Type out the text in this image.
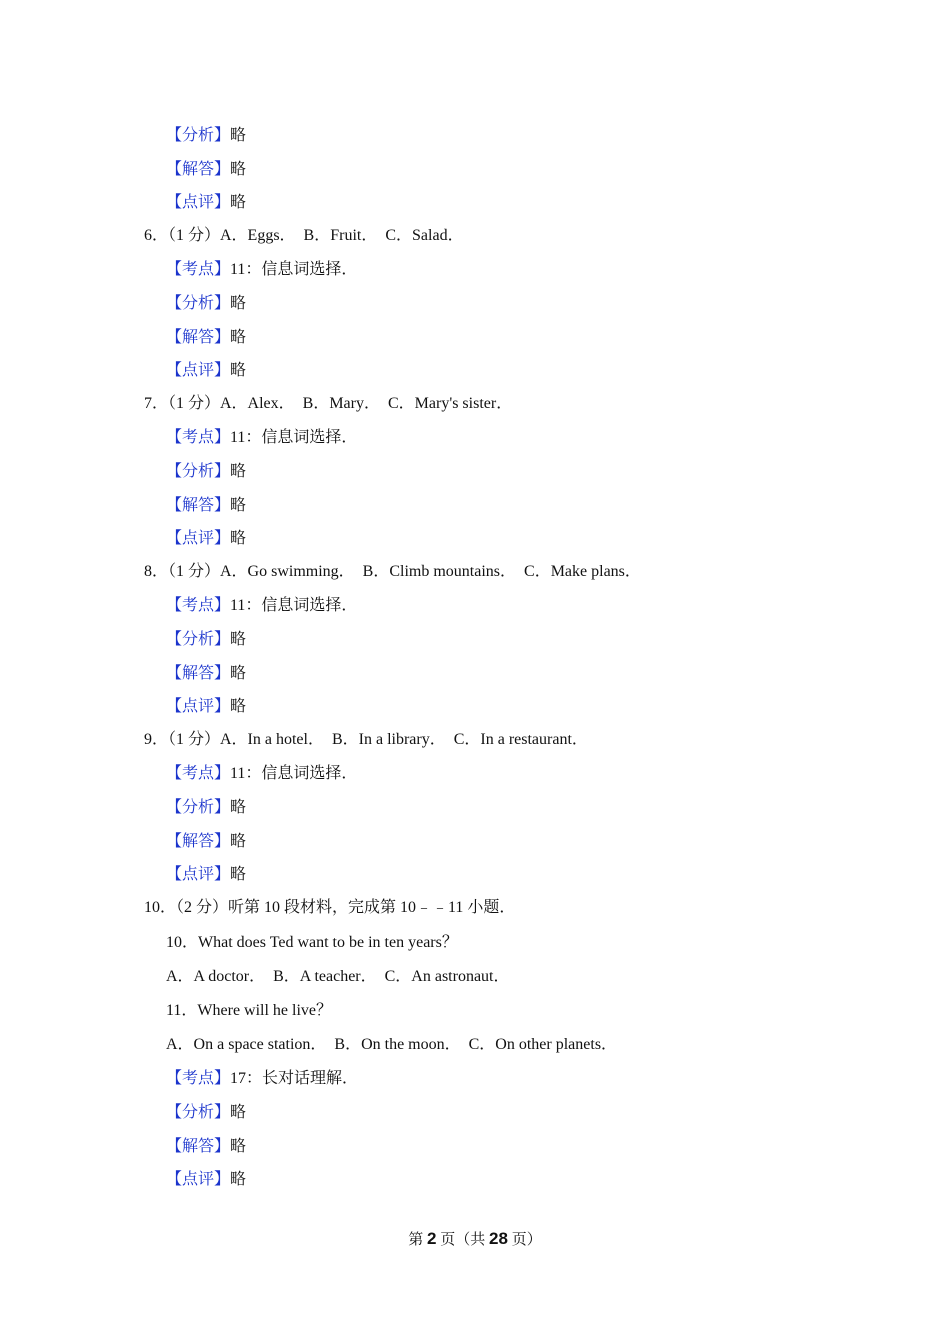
【分析】略
【解答】略
【点评】略
6．（1 分）A．Eggs．  B．Fruit．  C．Salad．
【考点】11：信息词选择．
【分析】略
【解答】略
【点评】略
7．（1 分）A．Alex．  B．Mary．  C．Mary's sister．
【考点】11：信息词选择．
【分析】略
【解答】略
【点评】略
8．（1 分）A．Go swimming．  B．Climb mountains．  C．Make plans．
【考点】11：信息词选择．
【分析】略
【解答】略
【点评】略
9．（1 分）A．In a hotel．  B．In a library．  C．In a restaurant．
【考点】11：信息词选择．
【分析】略
【解答】略
【点评】略
10．（2 分）听第 10 段材料，完成第 10﹣﹣11 小题．
10．What does Ted want to be in ten years？
A．A doctor．  B．A teacher．  C．An astronaut．
11．Where will he live？
A．On a space station．  B．On the moon．  C．On other planets．
【考点】17：长对话理解．
【分析】略
【解答】略
【点评】略
第 2 页（共 28 页）
